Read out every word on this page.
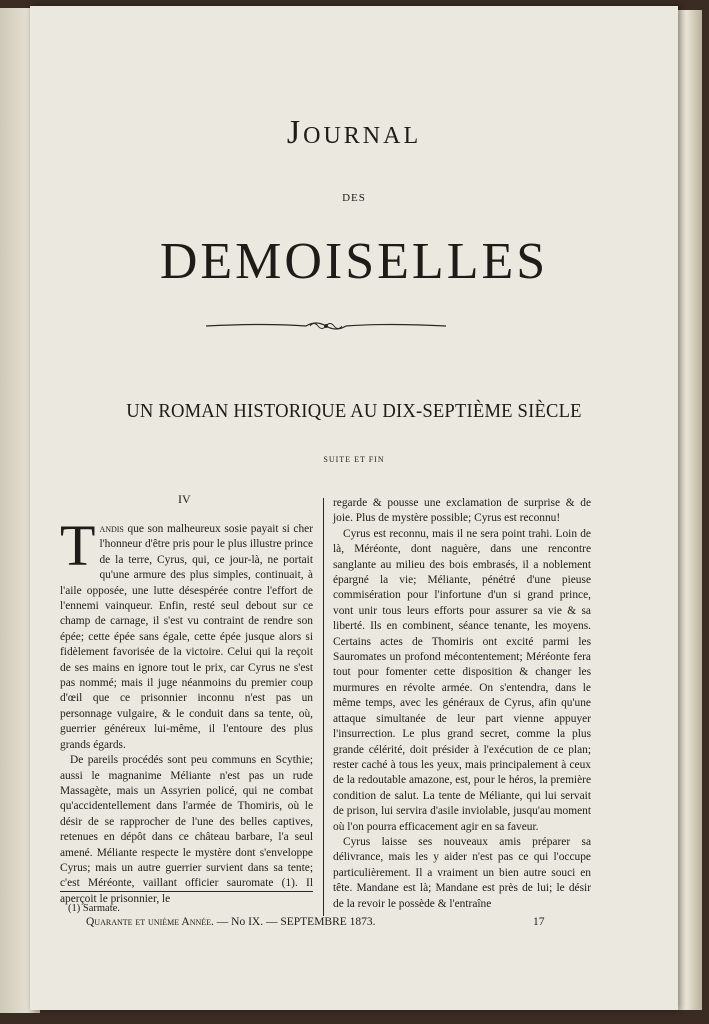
Journal
DES
DEMOISELLES
UN ROMAN HISTORIQUE AU DIX-SEPTIÈME SIÈCLE
SUITE ET FIN
IV

Tandis que son malheureux sosie payait si cher l'honneur d'être pris pour le plus illustre prince de la terre, Cyrus, qui, ce jour-là, ne portait qu'une armure des plus simples, continuait, à l'aile opposée, une lutte désespérée contre l'effort de l'ennemi vainqueur. Enfin, resté seul debout sur ce champ de carnage, il s'est vu contraint de rendre son épée; cette épée sans égale, cette épée jusque alors si fidèlement favorisée de la victoire. Celui qui la reçoit de ses mains en ignore tout le prix, car Cyrus ne s'est pas nommé; mais il juge néanmoins du premier coup d'œil que ce prisonnier inconnu n'est pas un personnage vulgaire, & le conduit dans sa tente, où, guerrier généreux lui-même, il l'entoure des plus grands égards.

De pareils procédés sont peu communs en Scythie; aussi le magnanime Méliante n'est pas un rude Massagète, mais un Assyrien policé, qui ne combat qu'accidentellement dans l'armée de Thomiris, où le désir de se rapprocher de l'une des belles captives, retenues en dépôt dans ce château barbare, l'a seul amené. Méliante respecte le mystère dont s'enveloppe Cyrus; mais un autre guerrier survient dans sa tente; c'est Méréonte, vaillant officier sauromate (1). Il aperçoit le prisonnier, le

regarde & pousse une exclamation de surprise & de joie. Plus de mystère possible; Cyrus est reconnu!

Cyrus est reconnu, mais il ne sera point trahi. Loin de là, Méréonte, dont naguère, dans une rencontre sanglante au milieu des bois embrasés, il a noblement épargné la vie; Méliante, pénétré d'une pieuse commisération pour l'infortune d'un si grand prince, vont unir tous leurs efforts pour assurer sa vie & sa liberté. Ils en combinent, séance tenante, les moyens. Certains actes de Thomiris ont excité parmi les Sauromates un profond mécontentement; Méréonte fera tout pour fomenter cette disposition & changer les murmures en révolte armée. On s'entendra, dans le même temps, avec les généraux de Cyrus, afin qu'une attaque simultanée de leur part vienne appuyer l'insurrection. Le plus grand secret, comme la plus grande célérité, doit présider à l'exécution de ce plan; rester caché à tous les yeux, mais principalement à ceux de la redoutable amazone, est, pour le héros, la première condition de salut. La tente de Méliante, qui lui servait de prison, lui servira d'asile inviolable, jusqu'au moment où l'on pourra efficacement agir en sa faveur.

Cyrus laisse ses nouveaux amis préparer sa délivrance, mais les y aider n'est pas ce qui l'occupe particulièrement. Il a vraiment un bien autre souci en tête. Mandane est là; Mandane est près de lui; le désir de la revoir le possède & l'entraîne

(1) Sarmate.
Quarante et unième Année. — No IX. — SEPTEMBRE 1873.	17
